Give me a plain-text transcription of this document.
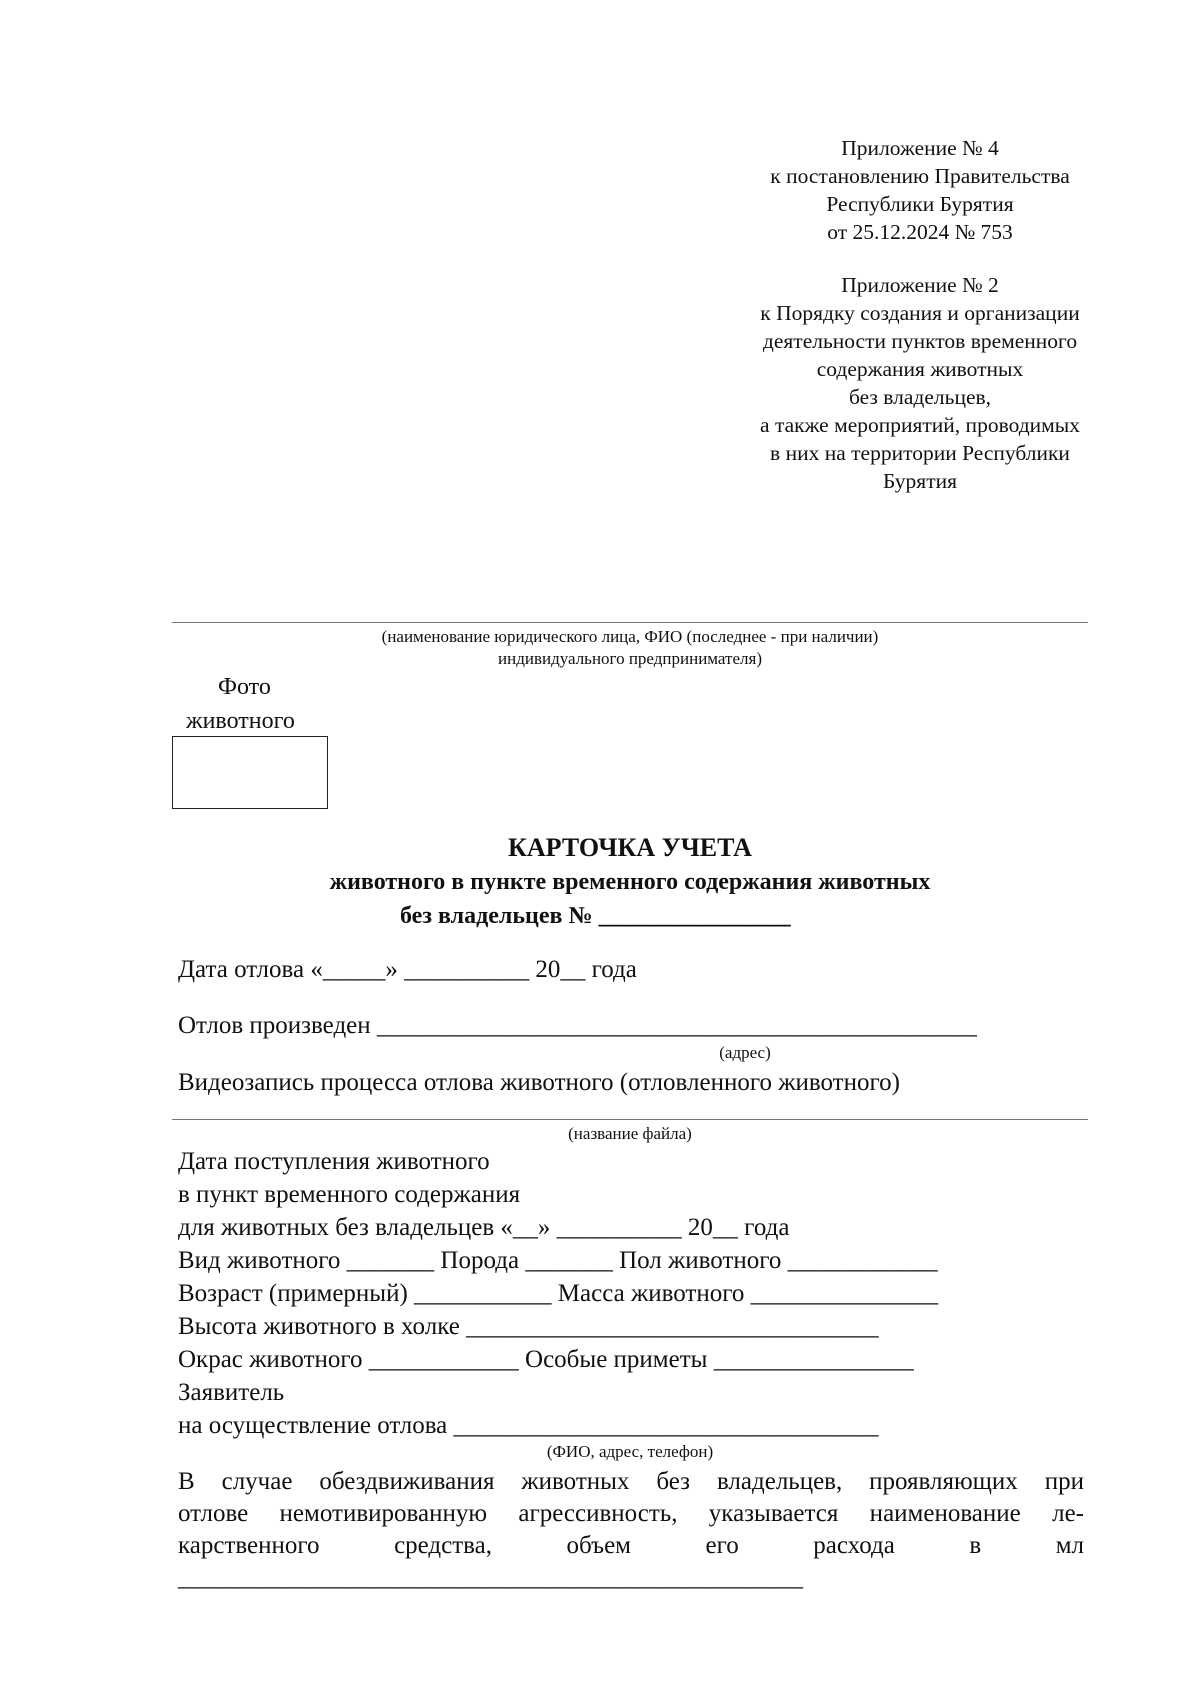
Приложение № 4
к постановлению Правительства
Республики Бурятия
от 25.12.2024 № 753
Приложение № 2
к Порядку создания и организации
деятельности пунктов временного
содержания животных
без владельцев,
а также мероприятий, проводимых
в них на территории Республики
Бурятия
(наименование юридического лица, ФИО (последнее - при наличии)
индивидуального предпринимателя)
Фото
животного
КАРТОЧКА УЧЕТА
животного в пункте временного содержания животных
без владельцев № ________________
Дата отлова «_____» __________ 20__ года
Отлов произведен ________________________________________________
(адрес)
Видеозапись процесса отлова животного (отловленного животного)
(название файла)
Дата поступления животного
в пункт временного содержания
для животных без владельцев «__» __________ 20__ года
Вид животного _______ Порода _______ Пол животного ____________
Возраст (примерный) ___________ Масса животного _______________
Высота животного в холке _________________________________
Окрас животного ____________ Особые приметы ________________
Заявитель
на осуществление отлова __________________________________
(ФИО, адрес, телефон)
В случае обездвиживания животных без владельцев, проявляющих при
отлове немотивированную агрессивность, указывается наименование ле-
карственного средства, объем его расхода в мл
__________________________________________________
